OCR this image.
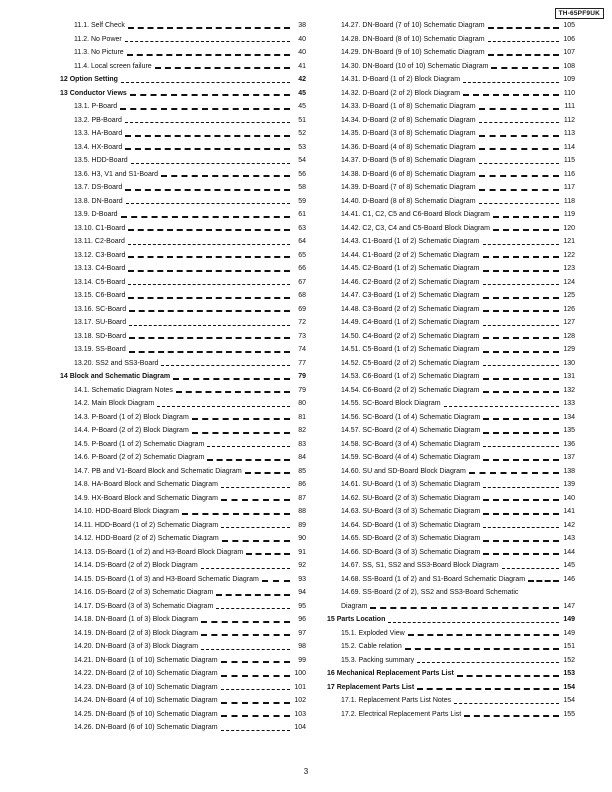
TH-65PF9UK
11.1. Self Check	38
11.2. No Power	40
11.3. No Picture	40
11.4. Local screen failure	41
12 Option Setting	42
13 Conductor Views	45
13.1. P-Board	45
13.2. PB-Board	51
13.3. HA-Board	52
13.4. HX-Board	53
13.5. HDD-Board	54
13.6. H3, V1 and S1-Board	56
13.7. DS-Board	58
13.8. DN-Board	59
13.9. D-Board	61
13.10. C1-Board	63
13.11. C2-Board	64
13.12. C3-Board	65
13.13. C4-Board	66
13.14. C5-Board	67
13.15. C6-Board	68
13.16. SC-Board	69
13.17. SU-Board	72
13.18. SD-Board	73
13.19. SS-Board	74
13.20. SS2 and SS3-Board	77
14 Block and Schematic Diagram	79
14.1. Schematic Diagram Notes	79
14.2. Main Block Diagram	80
14.3. P-Board (1 of 2) Block Diagram	81
14.4. P-Board (2 of 2) Block Diagram	82
14.5. P-Board (1 of 2) Schematic Diagram	83
14.6. P-Board (2 of 2) Schematic Diagram	84
14.7. PB and V1-Board Block and Schematic Diagram	85
14.8. HA-Board Block and Schematic Diagram	86
14.9. HX-Board Block and Schematic Diagram	87
14.10. HDD-Board Block Diagram	88
14.11. HDD-Board (1 of 2) Schematic Diagram	89
14.12. HDD-Board (2 of 2) Schematic Diagram	90
14.13. DS-Board (1 of 2) and H3-Board Block Diagram	91
14.14. DS-Board (2 of 2) Block Diagram	92
14.15. DS-Board (1 of 3) and H3-Board Schematic Diagram	93
14.16. DS-Board (2 of 3) Schematic Diagram	94
14.17. DS-Board (3 of 3) Schematic Diagram	95
14.18. DN-Board (1 of 3) Block Diagram	96
14.19. DN-Board (2 of 3) Block Diagram	97
14.20. DN-Board (3 of 3) Block Diagram	98
14.21. DN-Board (1 of 10) Schematic Diagram	99
14.22. DN-Board (2 of 10) Schematic Diagram	100
14.23. DN-Board (3 of 10) Schematic Diagram	101
14.24. DN-Board (4 of 10) Schematic Diagram	102
14.25. DN-Board (5 of 10) Schematic Diagram	103
14.26. DN-Board (6 of 10) Schematic Diagram	104
14.27. DN-Board (7 of 10) Schematic Diagram	105
14.28. DN-Board (8 of 10) Schematic Diagram	106
14.29. DN-Board (9 of 10) Schematic Diagram	107
14.30. DN-Board (10 of 10) Schematic Diagram	108
14.31. D-Board (1 of 2) Block Diagram	109
14.32. D-Board (2 of 2) Block Diagram	110
14.33. D-Board (1 of 8) Schematic Diagram	111
14.34. D-Board (2 of 8) Schematic Diagram	112
14.35. D-Board (3 of 8) Schematic Diagram	113
14.36. D-Board (4 of 8) Schematic Diagram	114
14.37. D-Board (5 of 8) Schematic Diagram	115
14.38. D-Board (6 of 8) Schematic Diagram	116
14.39. D-Board (7 of 8) Schematic Diagram	117
14.40. D-Board (8 of 8) Schematic Diagram	118
14.41. C1, C2, C5 and C6-Board Block Diagram	119
14.42. C2, C3, C4 and C5-Board Block Diagram	120
14.43. C1-Board (1 of 2) Schematic Diagram	121
14.44. C1-Board (2 of 2) Schematic Diagram	122
14.45. C2-Board (1 of 2) Schematic Diagram	123
14.46. C2-Board (2 of 2) Schematic Diagram	124
14.47. C3-Board (1 of 2) Schematic Diagram	125
14.48. C3-Board (2 of 2) Schematic Diagram	126
14.49. C4-Board (1 of 2) Schematic Diagram	127
14.50. C4-Board (2 of 2) Schematic Diagram	128
14.51. C5-Board (1 of 2) Schematic Diagram	129
14.52. C5-Board (2 of 2) Schematic Diagram	130
14.53. C6-Board (1 of 2) Schematic Diagram	131
14.54. C6-Board (2 of 2) Schematic Diagram	132
14.55. SC-Board Block Diagram	133
14.56. SC-Board (1 of 4) Schematic Diagram	134
14.57. SC-Board (2 of 4) Schematic Diagram	135
14.58. SC-Board (3 of 4) Schematic Diagram	136
14.59. SC-Board (4 of 4) Schematic Diagram	137
14.60. SU and SD-Board Block Diagram	138
14.61. SU-Board (1 of 3) Schematic Diagram	139
14.62. SU-Board (2 of 3) Schematic Diagram	140
14.63. SU-Board (3 of 3) Schematic Diagram	141
14.64. SD-Board (1 of 3) Schematic Diagram	142
14.65. SD-Board (2 of 3) Schematic Diagram	143
14.66. SD-Board (3 of 3) Schematic Diagram	144
14.67. SS, S1, SS2 and SS3-Board Block Diagram	145
14.68. SS-Board (1 of 2) and S1-Board Schematic Diagram	146
14.69. SS-Board (2 of 2), SS2 and SS3-Board Schematic
Diagram	147
15 Parts Location	149
15.1. Exploded View	149
15.2. Cable relation	151
15.3. Packing summary	152
16 Mechanical Replacement Parts List	153
17 Replacement Parts List	154
17.1. Replacement Parts List Notes	154
17.2. Electrical Replacement Parts List	155
3
